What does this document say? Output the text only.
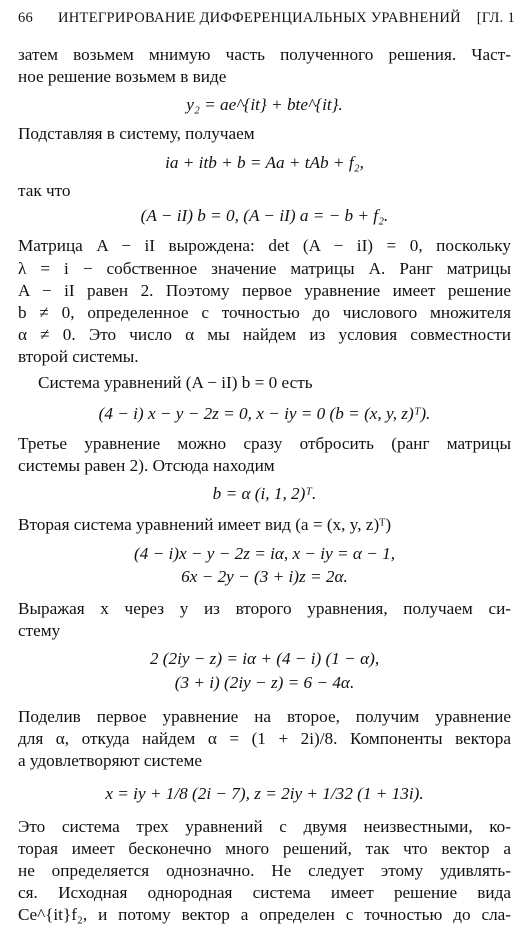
66 ИНТЕГРИРОВАНИЕ ДИФФЕРЕНЦИАЛЬНЫХ УРАВНЕНИЙ [ГЛ. 1
затем возьмем мнимую часть полученного решения. Част-
ное решение возьмем в виде
y₂ = ae^{it} + bte^{it}.
Подставляя в систему, получаем
ia + itb + b = Aa + tAb + f₂,
так что
(A − iI) b = 0, (A − iI) a = − b + f₂.
Матрица A − iI вырождена: det (A − iI) = 0, поскольку
λ = i − собственное значение матрицы A. Ранг матрицы
A − iI равен 2. Поэтому первое уравнение имеет решение
b ≠ 0, определенное с точностью до числового множителя
α ≠ 0. Это число α мы найдем из условия совместности
второй системы.
Система уравнений (A − iI) b = 0 есть
(4 − i) x − y − 2z = 0, x − iy = 0 (b = (x, y, z)ᵀ).
Третье уравнение можно сразу отбросить (ранг матрицы
системы равен 2). Отсюда находим
b = α (i, 1, 2)ᵀ.
Вторая система уравнений имеет вид (a = (x, y, z)ᵀ)
(4 − i)x − y − 2z = iα, x − iy = α − 1,
6x − 2y − (3 + i)z = 2α.
Выражая x через y из второго уравнения, получаем си-
стему
2 (2iy − z) = iα + (4 − i) (1 − α),
(3 + i) (2iy − z) = 6 − 4α.
Поделив первое уравнение на второе, получим уравнение
для α, откуда найдем α = (1 + 2i)/8. Компоненты вектора
a удовлетворяют системе
x = iy + 1/8 (2i − 7), z = 2iy + 1/32 (1 + 13i).
Это система трех уравнений с двумя неизвестными, ко-
торая имеет бесконечно много решений, так что вектор a
не определяется однозначно. Не следует этому удивлять-
ся. Исходная однородная система имеет решение вида
Ce^{it}f₂, и потому вектор a определен с точностью до сла-
